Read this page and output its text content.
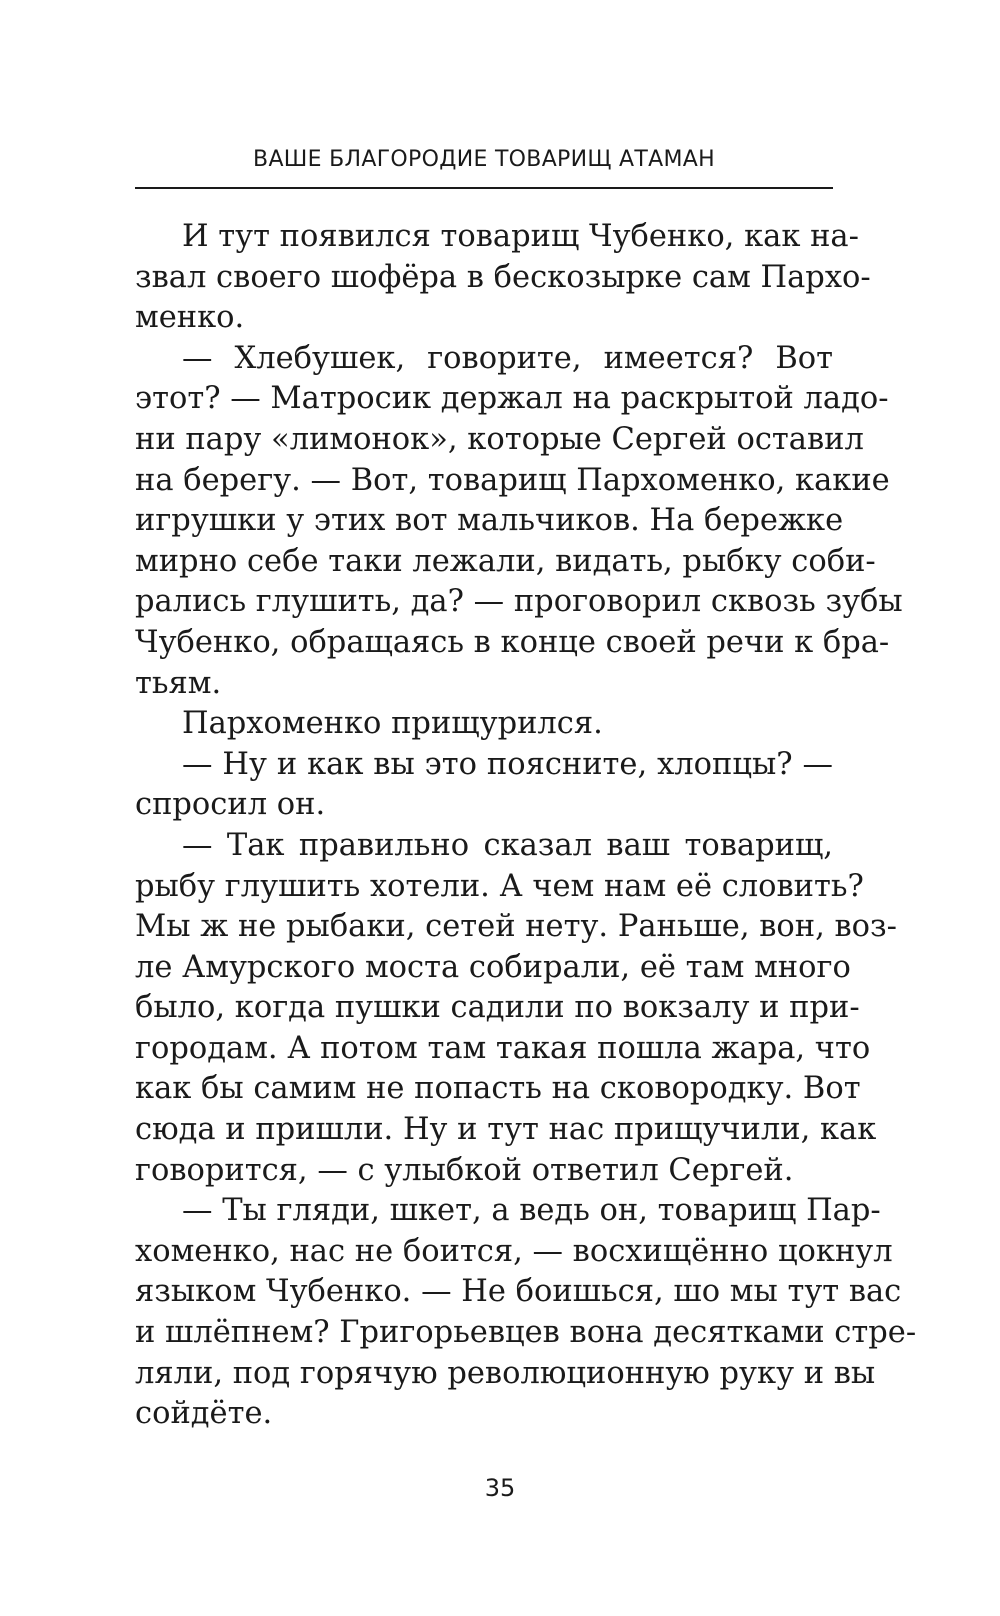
ВАШЕ БЛАГОРОДИЕ ТОВАРИЩ АТАМАН
И тут появился товарищ Чубенко, как на-
звал своего шофёра в бескозырке сам Пархо-
менко.
— Хлебушек, говорите, имеется? Вот
этот? — Матросик держал на раскрытой ладо-
ни пару «лимонок», которые Сергей оставил
на берегу. — Вот, товарищ Пархоменко, какие
игрушки у этих вот мальчиков. На бережке
мирно себе таки лежали, видать, рыбку соби-
рались глушить, да? — проговорил сквозь зубы
Чубенко, обращаясь в конце своей речи к бра-
тьям.
Пархоменко прищурился.
— Ну и как вы это поясните, хлопцы? —
спросил он.
— Так правильно сказал ваш товарищ,
рыбу глушить хотели. А чем нам её словить?
Мы ж не рыбаки, сетей нету. Раньше, вон, воз-
ле Амурского моста собирали, её там много
было, когда пушки садили по вокзалу и при-
городам. А потом там такая пошла жара, что
как бы самим не попасть на сковородку. Вот
сюда и пришли. Ну и тут нас прищучили, как
говорится, — с улыбкой ответил Сергей.
— Ты гляди, шкет, а ведь он, товарищ Пар-
хоменко, нас не боится, — восхищённо цокнул
языком Чубенко. — Не боишься, шо мы тут вас
и шлёпнем? Григорьевцев вона десятками стре-
ляли, под горячую революционную руку и вы
сойдёте.
35
